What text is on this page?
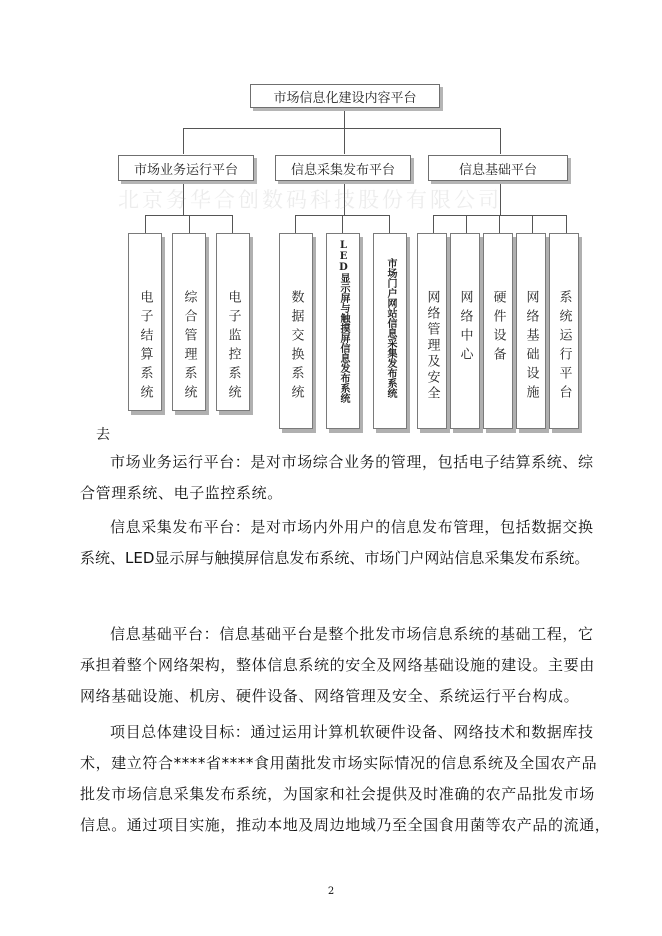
市场信息化建设内容平台
市场业务运行平台	信息采集发布平台	信息基础平台
北京务华合创数码科技股份有限公司
电子结算系统 综合管理系统 电子监控系统	数据交换系统	LED显示屏与触摸屏信息发布系统	市场门户网站信息采集发布系统 网络管理及安全 网络中心 硬件设备 网络基础设施 系统运行平台
去
市场业务运行平台：是对市场综合业务的管理，包括电子结算系统、综
合管理系统、电子监控系统。
信息采集发布平台：是对市场内外用户的信息发布管理，包括数据交换
系统、LED显示屏与触摸屏信息发布系统、市场门户网站信息采集发布系统。
信息基础平台：信息基础平台是整个批发市场信息系统的基础工程，它
承担着整个网络架构，整体信息系统的安全及网络基础设施的建设。主要由
网络基础设施、机房、硬件设备、网络管理及安全、系统运行平台构成。
项目总体建设目标：通过运用计算机软硬件设备、网络技术和数据库技
术，建立符合****省****食用菌批发市场实际情况的信息系统及全国农产品
批发市场信息采集发布系统，为国家和社会提供及时准确的农产品批发市场
信息。通过项目实施，推动本地及周边地域乃至全国食用菌等农产品的流通，
2
